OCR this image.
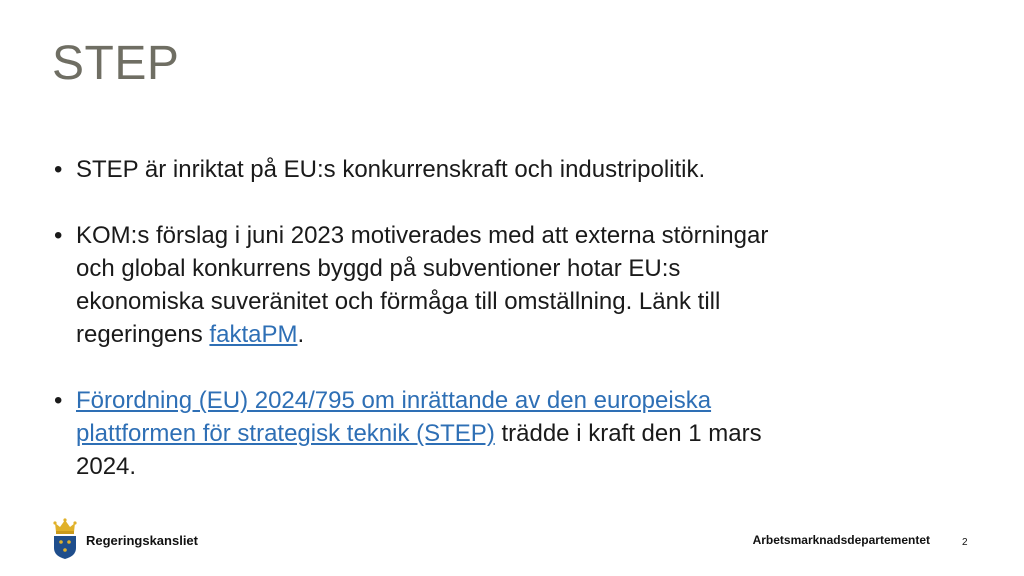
STEP
• STEP är inriktat på EU:s konkurrenskraft och industripolitik.
• KOM:s förslag i juni 2023 motiverades med att externa störningar och global konkurrens byggd på subventioner hotar EU:s ekonomiska suveränitet och förmåga till omställning. Länk till regeringens faktaPM.
• Förordning (EU) 2024/795 om inrättande av den europeiska plattformen för strategisk teknik (STEP) trädde i kraft den 1 mars 2024.
Regeringskansliet	Arbetsmarknadsdepartementet	2
